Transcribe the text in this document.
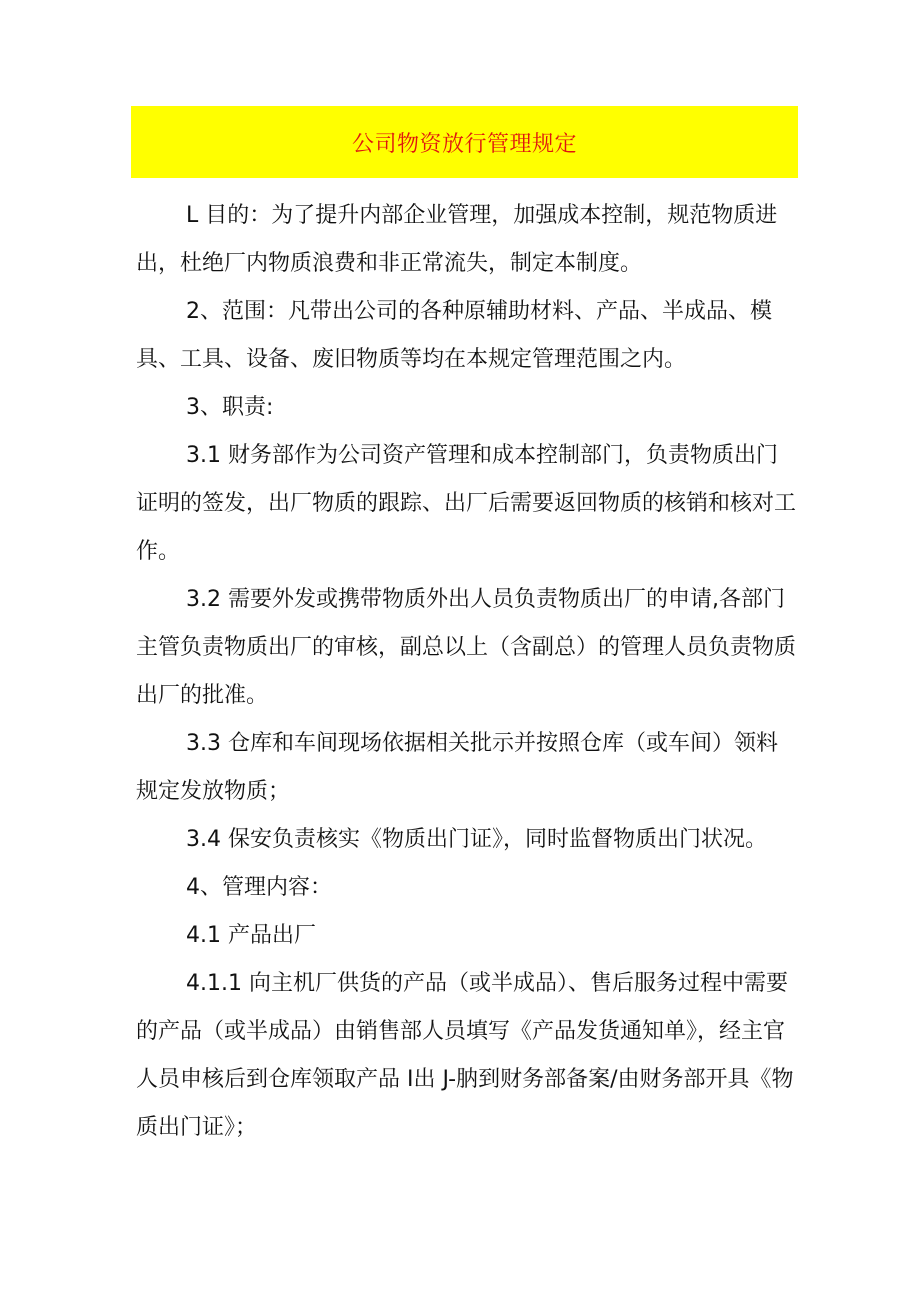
公司物资放行管理规定

L 目的：为了提升内部企业管理，加强成本控制，规范物质进出，杜绝厂内物质浪费和非正常流失，制定本制度。

2、范围：凡带出公司的各种原辅助材料、产品、半成品、模具、工具、设备、废旧物质等均在本规定管理范围之内。

3、职责:

3.1 财务部作为公司资产管理和成本控制部门，负责物质出门证明的签发，出厂物质的跟踪、出厂后需要返回物质的核销和核对工作。

3.2 需要外发或携带物质外出人员负责物质出厂的申请,各部门主管负责物质出厂的审核，副总以上（含副总）的管理人员负责物质出厂的批准。

3.3 仓库和车间现场依据相关批示并按照仓库（或车间）领料规定发放物质；

3.4 保安负责核实《物质出门证》，同时监督物质出门状况。

4、管理内容：

4.1 产品出厂

4.1.1 向主机厂供货的产品（或半成品）、售后服务过程中需要的产品（或半成品）由销售部人员填写《产品发货通知单》，经主官人员申核后到仓库领取产品 I出 J-肭到财务部备案/由财务部开具《物质出门证》；
